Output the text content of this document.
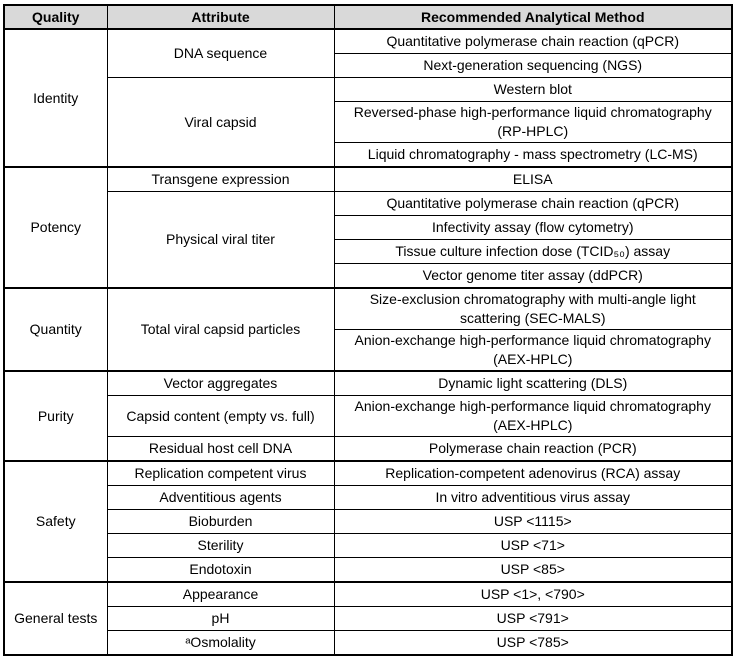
Quality	Attribute	Recommended Analytical Method
Identity	DNA sequence	Quantitative polymerase chain reaction (qPCR)
		Next-generation sequencing (NGS)
	Viral capsid	Western blot
		Reversed-phase high-performance liquid chromatography (RP-HPLC)
		Liquid chromatography - mass spectrometry (LC-MS)
Potency	Transgene expression	ELISA
	Physical viral titer	Quantitative polymerase chain reaction (qPCR)
		Infectivity assay (flow cytometry)
		Tissue culture infection dose (TCID₅₀) assay
		Vector genome titer assay (ddPCR)
Quantity	Total viral capsid particles	Size-exclusion chromatography with multi-angle light scattering (SEC-MALS)
		Anion-exchange high-performance liquid chromatography (AEX-HPLC)
Purity	Vector aggregates	Dynamic light scattering (DLS)
	Capsid content (empty vs. full)	Anion-exchange high-performance liquid chromatography (AEX-HPLC)
	Residual host cell DNA	Polymerase chain reaction (PCR)
Safety	Replication competent virus	Replication-competent adenovirus (RCA) assay
	Adventitious agents	In vitro adventitious virus assay
	Bioburden	USP <1115>
	Sterility	USP <71>
	Endotoxin	USP <85>
General tests	Appearance	USP <1>, <790>
	pH	USP <791>
	ᵃOsmolality	USP <785>
